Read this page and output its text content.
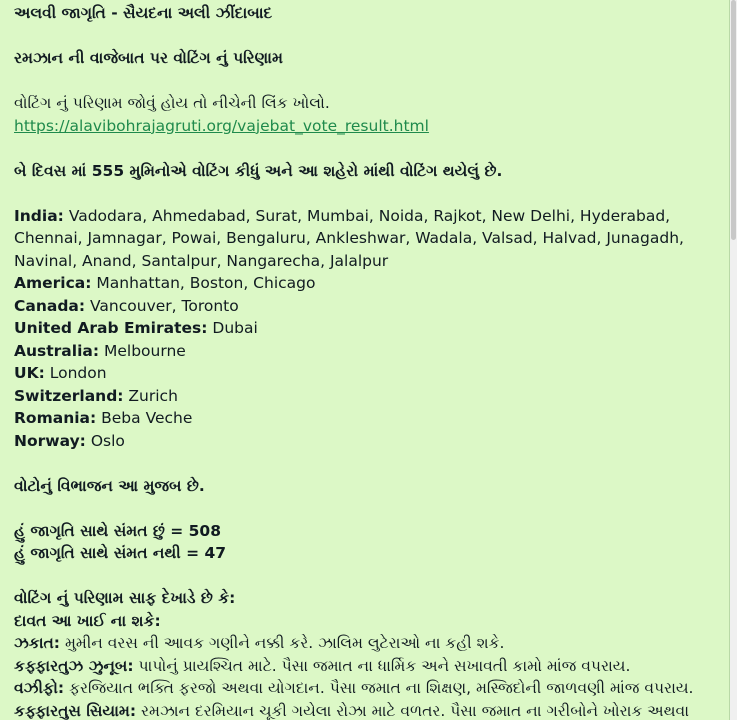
અલવી જાગૃતિ - સૈયદના અલી ઝીંદાબાદ

રમઝાન ની વાજેબાત પર વોટિંગ નું પરિણામ

વોટિંગ નું પરિણામ જોવું હોય તો નીચેની લિંક ખોલો.

https://alavibohrajagruti.org/vajebat_vote_result.html

બે દિવસ માં 555 મુમિનોએ વોટિંગ કીધું અને આ શહેરો માંથી વોટિંગ થયેલું છે.

India: Vadodara, Ahmedabad, Surat, Mumbai, Noida, Rajkot, New Delhi, Hyderabad, Chennai, Jamnagar, Powai, Bengaluru, Ankleshwar, Wadala, Valsad, Halvad, Junagadh, Navinal, Anand, Santalpur, Nangarecha, Jalalpur

America: Manhattan, Boston, Chicago

Canada: Vancouver, Toronto

United Arab Emirates: Dubai

Australia: Melbourne

UK: London

Switzerland: Zurich

Romania: Beba Veche

Norway: Oslo

વોટોનું વિભાજન આ મુજબ છે.

હું જાગૃતિ સાથે સંમત છું = 508

હું જાગૃતિ સાથે સંમત નથી = 47

વોટિંગ નું પરિણામ સાફ દેખાડે છે કે:

દાવત આ ખાઈ ના શકે:

ઝકાત: મુમીન વરસ ની આવક ગણીને નક્કી કરે. ઝાલિમ લુટેરાઓ ના કહી શકે.

કફ્ફારતુઝ ઝુનૂબ: પાપોનું પ્રાયશ્ચિત માટે. પૈસા જમાત ના ધાર્મિક અને સખાવતી કામો માંજ વપરાય.

વઝીફો: ફરજિયાત ભક્તિ ફરજો અથવા યોગદાન. પૈસા જમાત ના શિક્ષણ, મસ્જિદોની જાળવણી માંજ વપરાય.

કફ્ફારતુસ સિયામ: રમઝાન દરમિયાન ચૂકી ગયેલા રોઝા માટે વળતર. પૈસા જમાત ના ગરીબોને ખોરાક અથવા
